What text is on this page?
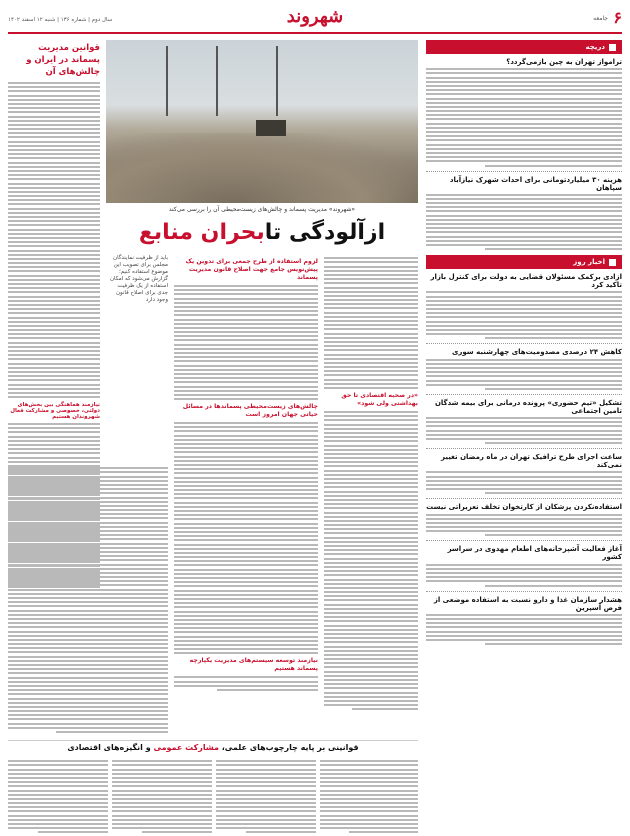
۶
جامعه
شهروند
سال دوم | شماره ۱۳۶ | شنبه ۱۲ اسفند ۱۴۰۲
دریچه
ترامواز تهران به چین بازمی‌گردد؟
هزینه ۳۰ میلیاردتومانی برای احداث شهرک نیازآباد سپاهان
اخبار روز
ازادی برکمک مسئولان قضایی به دولت برای کنترل بازار تاکید کرد
کاهش ۲۴ درصدی مصدومیت‌های چهارشنبه سوری
تشکیل «تیم حضوری» پرونده درمانی برای بیمه شدگان تامین اجتماعی
ساعت اجرای طرح ترافیک تهران در ماه رمضان تغییر نمی‌کند
استفاده‌نکردن پزشکان از کارتخوان تخلف تعزیراتی نیست
آغاز فعالیت آشپزخانه‌های اطعام مهدوی در سراسر کشور
هشدار سازمان غذا و دارو نسبت به استفاده موضعی از فرص آسپرین
قوانین مدیریت پسماند در ایران و چالش‌های آن
نیازمند هماهنگی بین بخش‌های دولتی، خصوصی و مشارکت فعال شهروندان هستیم
«شهروند» مدیریت پسماند و چالش‌های زیست‌محیطی آن را بررسی می‌کند
ازآلودگی تابحران منابع
«در صحبه اقتصادی تا حق بهداشتی ولی شود»
لزوم استفاده از طرح جمعی برای تدوین یک پیش‌نویس جامع جهت اصلاح قانون مدیریت پسماند
چالش‌های زیست‌محیطی پسماندها در مسائل حیاتی جهان امروز است
نیازمند توسعه سیستم‌های مدیریت یکپارچه پسماند هستیم
باید از ظرفیت نمایندگان مجلس برای تصویب این موضوع استفاده کنیم؛ گزارش می‌شود که امکان استفاده از یک ظرفیت جدی برای اصلاح قانون وجود دارد
قوانینی بر پایه چارچوب‌های علمی، مشارکت عمومی و انگیزه‌های اقتصادی
